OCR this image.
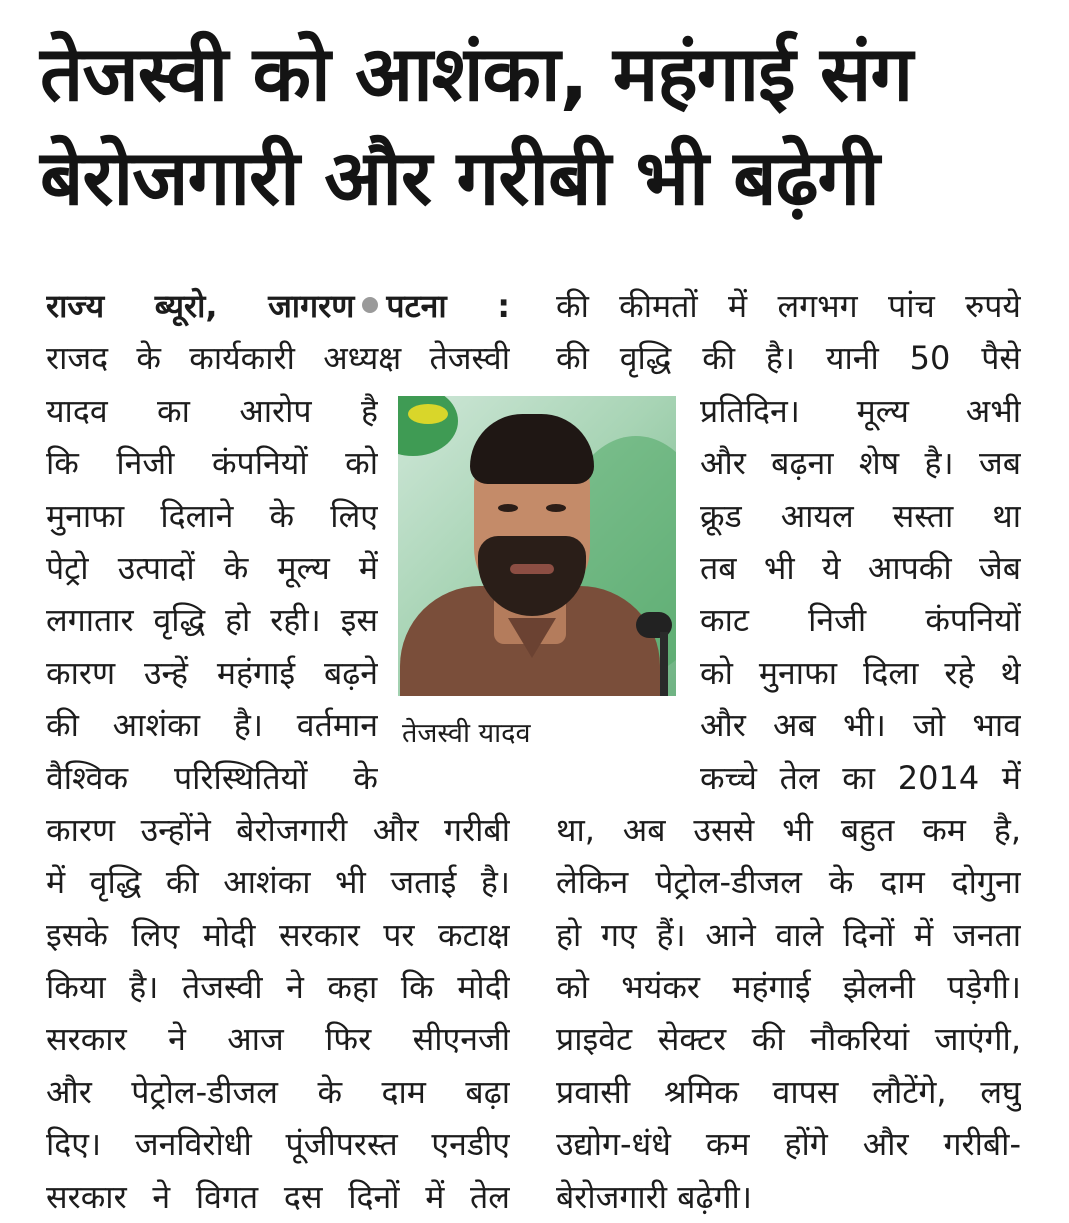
तेजस्वी को आशंका, महंगाई संग
बेरोजगारी और गरीबी भी बढ़ेगी
राज्य ब्यूरो, जागरण पटना :
राजद के कार्यकारी अध्यक्ष तेजस्वी
यादव का आरोप है
कि निजी कंपनियों को
मुनाफा दिलाने के लिए
पेट्रो उत्पादों के मूल्य में
लगातार वृद्धि हो रही। इस
कारण उन्हें महंगाई बढ़ने
की आशंका है। वर्तमान
वैश्विक परिस्थितियों के
कारण उन्होंने बेरोजगारी और गरीबी
में वृद्धि की आशंका भी जताई है।
इसके लिए मोदी सरकार पर कटाक्ष
किया है। तेजस्वी ने कहा कि मोदी
सरकार ने आज फिर सीएनजी
और पेट्रोल-डीजल के दाम बढ़ा
दिए। जनविरोधी पूंजीपरस्त एनडीए
सरकार ने विगत दस दिनों में तेल
तेजस्वी यादव
की कीमतों में लगभग पांच रुपये
की वृद्धि की है। यानी 50 पैसे
प्रतिदिन। मूल्य अभी
और बढ़ना शेष है। जब
क्रूड आयल सस्ता था
तब भी ये आपकी जेब
काट निजी कंपनियों
को मुनाफा दिला रहे थे
और अब भी। जो भाव
कच्चे तेल का 2014 में
था, अब उससे भी बहुत कम है,
लेकिन पेट्रोल-डीजल के दाम दोगुना
हो गए हैं। आने वाले दिनों में जनता
को भयंकर महंगाई झेलनी पड़ेगी।
प्राइवेट सेक्टर की नौकरियां जाएंगी,
प्रवासी श्रमिक वापस लौटेंगे, लघु
उद्योग-धंधे कम होंगे और गरीबी-
बेरोजगारी बढ़ेगी।
